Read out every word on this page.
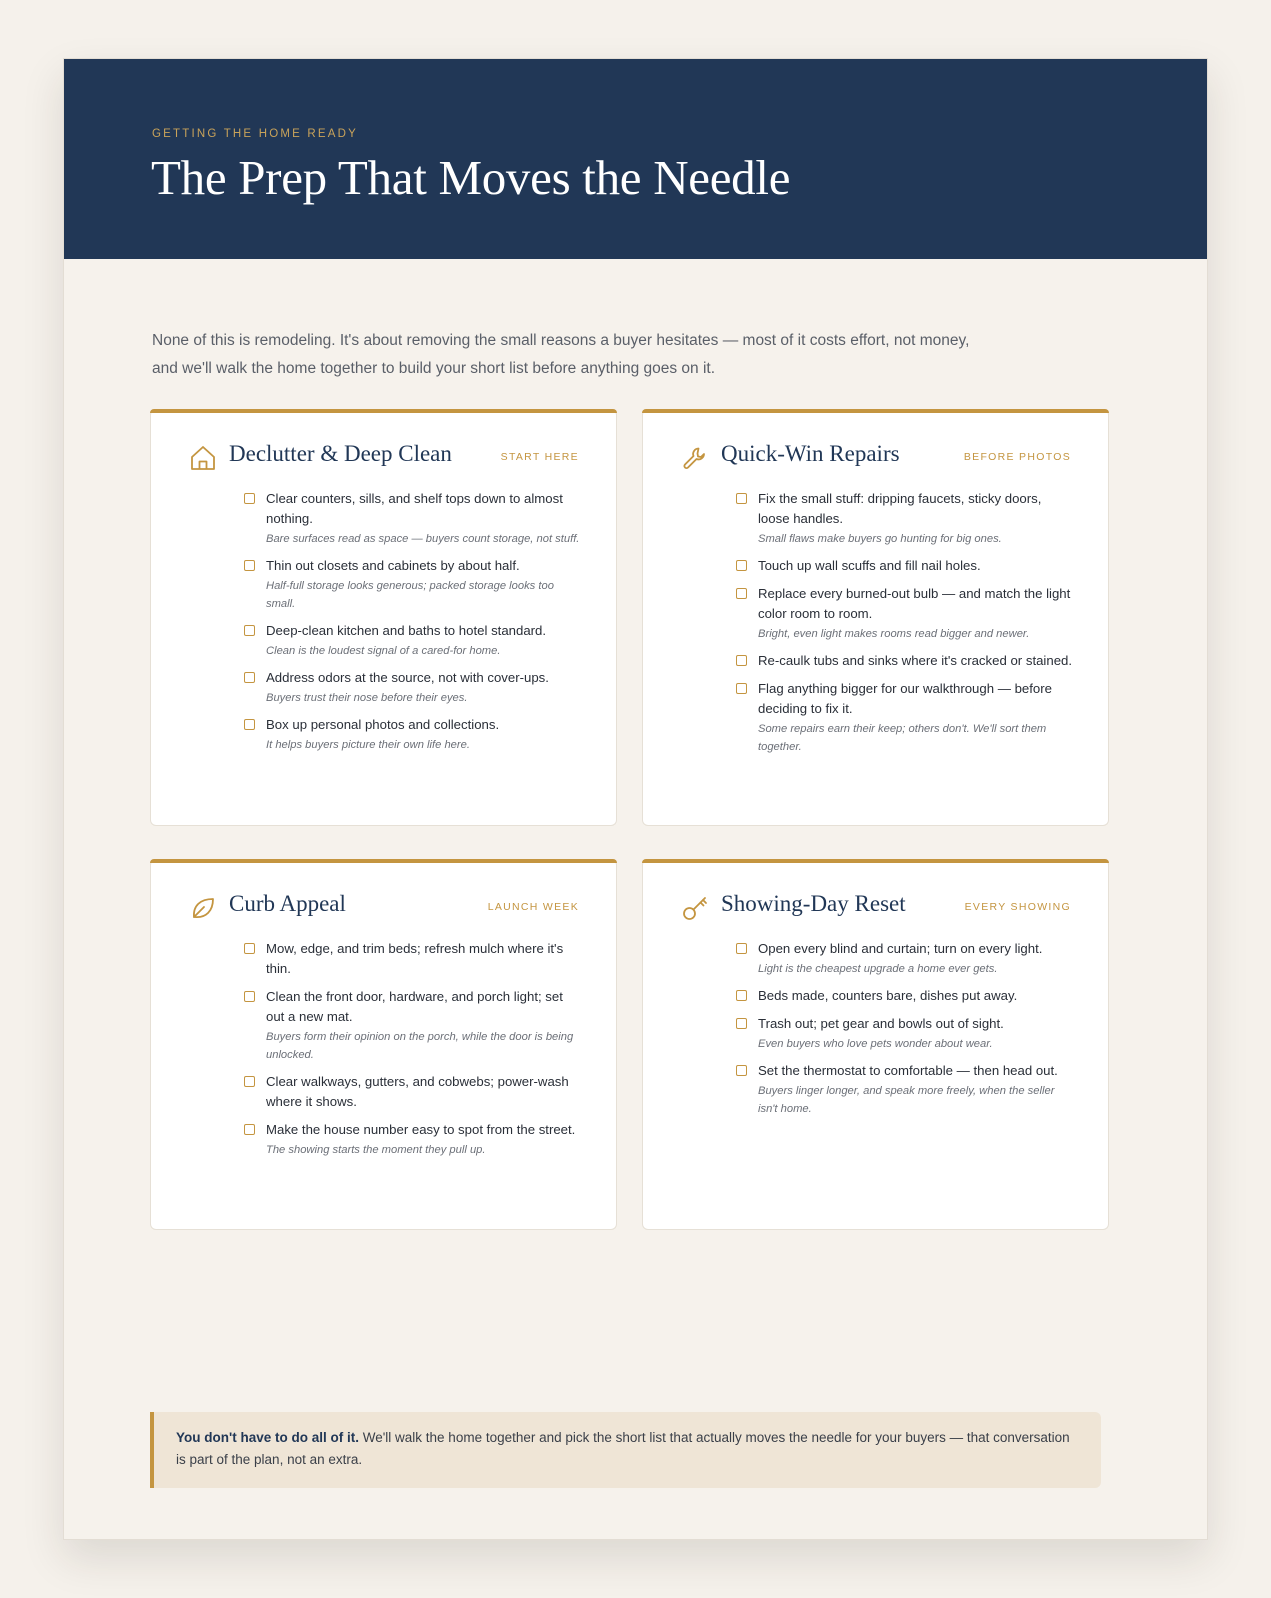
GETTING THE HOME READY
The Prep That Moves the Needle

None of this is remodeling. It's about removing the small reasons a buyer hesitates — most of it costs effort, not money, and we'll walk the home together to build your short list before anything goes on it.

Declutter & Deep Clean	START HERE
Clear counters, sills, and shelf tops down to almost nothing.
Bare surfaces read as space — buyers count storage, not stuff.
Thin out closets and cabinets by about half.
Half-full storage looks generous; packed storage looks too small.
Deep-clean kitchen and baths to hotel standard.
Clean is the loudest signal of a cared-for home.
Address odors at the source, not with cover-ups.
Buyers trust their nose before their eyes.
Box up personal photos and collections.
It helps buyers picture their own life here.
Quick-Win Repairs	BEFORE PHOTOS
Fix the small stuff: dripping faucets, sticky doors, loose handles.
Small flaws make buyers go hunting for big ones.
Touch up wall scuffs and fill nail holes.
Replace every burned-out bulb — and match the light color room to room.
Bright, even light makes rooms read bigger and newer.
Re-caulk tubs and sinks where it's cracked or stained.
Flag anything bigger for our walkthrough — before deciding to fix it.
Some repairs earn their keep; others don't. We'll sort them together.
Curb Appeal	LAUNCH WEEK
Mow, edge, and trim beds; refresh mulch where it's thin.
Clean the front door, hardware, and porch light; set out a new mat.
Buyers form their opinion on the porch, while the door is being unlocked.
Clear walkways, gutters, and cobwebs; power-wash where it shows.
Make the house number easy to spot from the street.
The showing starts the moment they pull up.
Showing-Day Reset	EVERY SHOWING
Open every blind and curtain; turn on every light.
Light is the cheapest upgrade a home ever gets.
Beds made, counters bare, dishes put away.
Trash out; pet gear and bowls out of sight.
Even buyers who love pets wonder about wear.
Set the thermostat to comfortable — then head out.
Buyers linger longer, and speak more freely, when the seller isn't home.
You don't have to do all of it. We'll walk the home together and pick the short list that actually moves the needle for your buyers — that conversation is part of the plan, not an extra.
